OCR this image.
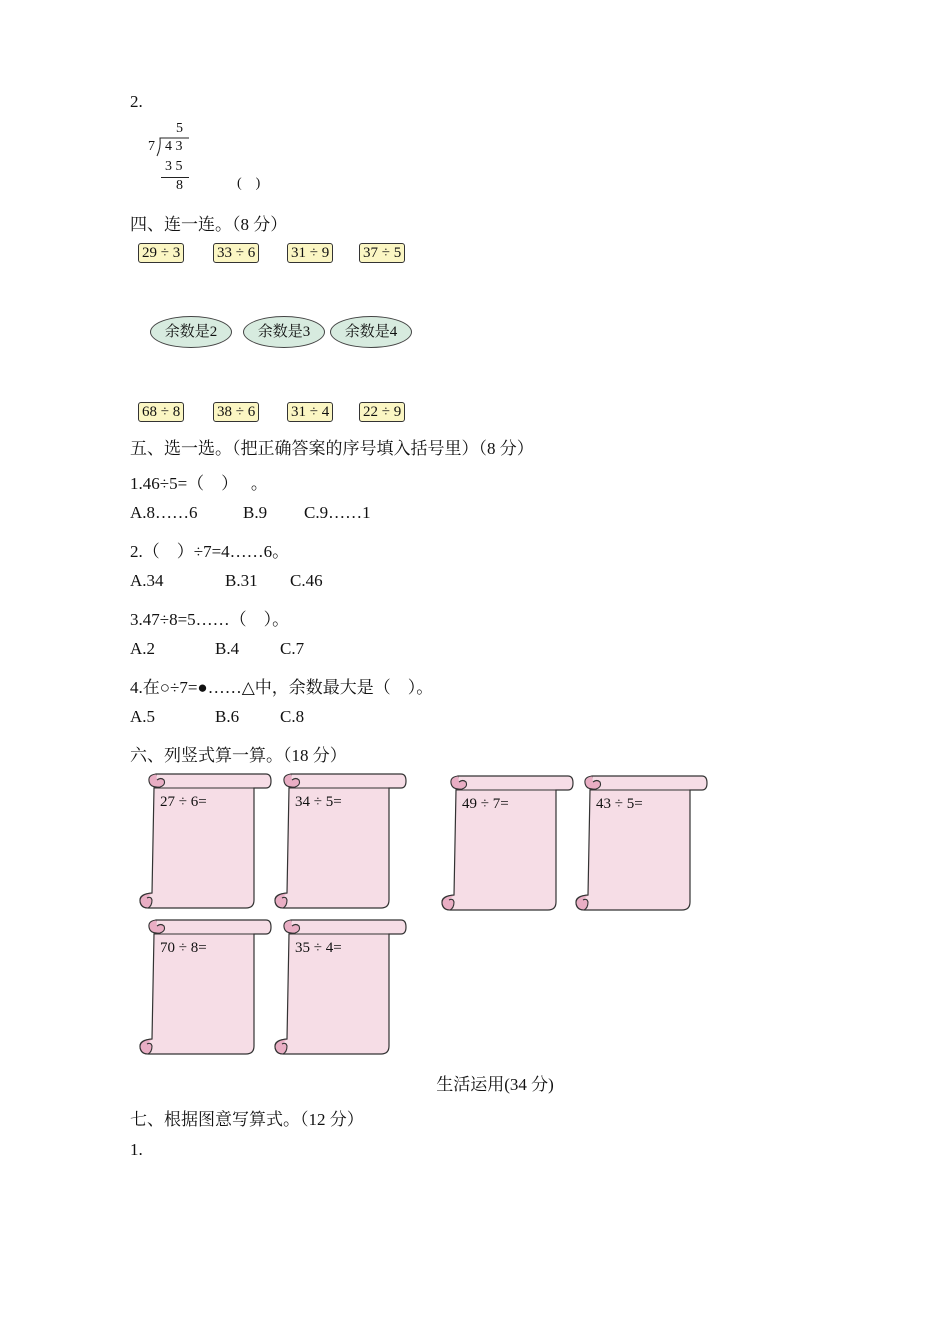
2.
5
7 4 3
3 5
8	(    )
四、连一连。（8 分）
29 ÷ 3 33 ÷ 6 31 ÷ 9 37 ÷ 5
余数是2	余数是3	余数是4
68 ÷ 8 38 ÷ 6 31 ÷ 4 22 ÷ 9
五、选一选。（把正确答案的序号填入括号里）（8 分）
1.46÷5=（    ）   。
A.8……6	B.9 C.9……1
2.（    ）÷7=4……6。
A.34	B.31 C.46
3.47÷8=5……（    ）。
A.2	B.4 C.7
4.在○÷7=●……△中，余数最大是（    ）。
A.5	B.6 C.8
六、列竖式算一算。（18 分）
27 ÷ 6=	34 ÷ 5=	49 ÷ 7=	43 ÷ 5=
70 ÷ 8=	35 ÷ 4=
生活运用(34 分)
七、根据图意写算式。（12 分）
1.
